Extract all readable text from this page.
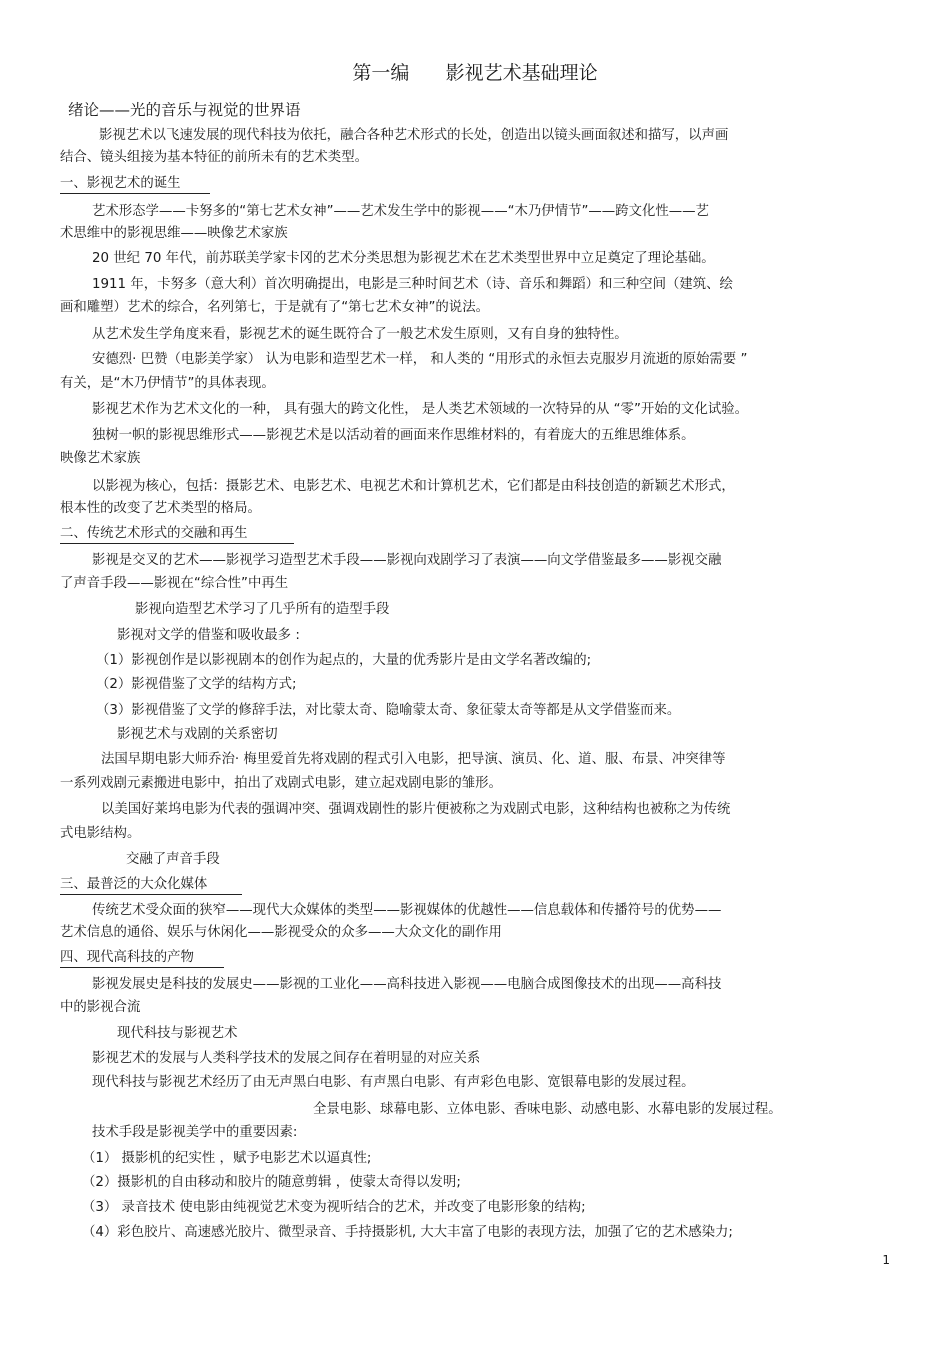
第一编      影视艺术基础理论
绪论——光的音乐与视觉的世界语
影视艺术以飞速发展的现代科技为依托，融合各种艺术形式的长处，创造出以镜头画面叙述和描写，以声画
结合、镜头组接为基本特征的前所未有的艺术类型。
一、影视艺术的诞生
艺术形态学——卡努多的“第七艺术女神”——艺术发生学中的影视——“木乃伊情节”——跨文化性——艺
术思维中的影视思维——映像艺术家族
20 世纪 70 年代，前苏联美学家卡冈的艺术分类思想为影视艺术在艺术类型世界中立足奠定了理论基础。
1911 年，卡努多（意大利）首次明确提出，电影是三种时间艺术（诗、音乐和舞蹈）和三种空间（建筑、绘
画和雕塑）艺术的综合，名列第七，于是就有了“第七艺术女神”的说法。
从艺术发生学角度来看，影视艺术的诞生既符合了一般艺术发生原则，又有自身的独特性。
安德烈· 巴赞（电影美学家） 认为电影和造型艺术一样， 和人类的 “用形式的永恒去克服岁月流逝的原始需要 ”
有关，是“木乃伊情节”的具体表现。
影视艺术作为艺术文化的一种， 具有强大的跨文化性， 是人类艺术领域的一次特异的从 “零”开始的文化试验。
独树一帜的影视思维形式——影视艺术是以活动着的画面来作思维材料的，有着庞大的五维思维体系。
映像艺术家族
以影视为核心，包括：摄影艺术、电影艺术、电视艺术和计算机艺术，它们都是由科技创造的新颖艺术形式，
根本性的改变了艺术类型的格局。
二、传统艺术形式的交融和再生
影视是交叉的艺术——影视学习造型艺术手段——影视向戏剧学习了表演——向文学借鉴最多——影视交融
了声音手段——影视在“综合性”中再生
影视向造型艺术学习了几乎所有的造型手段
影视对文学的借鉴和吸收最多 :
（1）影视创作是以影视剧本的创作为起点的，大量的优秀影片是由文学名著改编的;
（2）影视借鉴了文学的结构方式;
（3）影视借鉴了文学的修辞手法，对比蒙太奇、隐喻蒙太奇、象征蒙太奇等都是从文学借鉴而来。
影视艺术与戏剧的关系密切
法国早期电影大师乔治· 梅里爱首先将戏剧的程式引入电影，把导演、演员、化、道、服、布景、冲突律等
一系列戏剧元素搬进电影中，拍出了戏剧式电影，建立起戏剧电影的雏形。
以美国好莱坞电影为代表的强调冲突、强调戏剧性的影片便被称之为戏剧式电影，这种结构也被称之为传统
式电影结构。
交融了声音手段
三、最普泛的大众化媒体
传统艺术受众面的狭窄——现代大众媒体的类型——影视媒体的优越性——信息载体和传播符号的优势——
艺术信息的通俗、娱乐与休闲化——影视受众的众多——大众文化的副作用
四、现代高科技的产物
影视发展史是科技的发展史——影视的工业化——高科技进入影视——电脑合成图像技术的出现——高科技
中的影视合流
现代科技与影视艺术
影视艺术的发展与人类科学技术的发展之间存在着明显的对应关系
现代科技与影视艺术经历了由无声黑白电影、有声黑白电影、有声彩色电影、宽银幕电影的发展过程。
全景电影、球幕电影、立体电影、香味电影、动感电影、水幕电影的发展过程。
技术手段是影视美学中的重要因素:
（1） 摄影机的纪实性 ，赋予电影艺术以逼真性;
（2）摄影机的自由移动和胶片的随意剪辑 ，使蒙太奇得以发明;
（3） 录音技术 使电影由纯视觉艺术变为视听结合的艺术，并改变了电影形象的结构;
（4）彩色胶片、高速感光胶片、微型录音、手持摄影机, 大大丰富了电影的表现方法，加强了它的艺术感染力;
1
